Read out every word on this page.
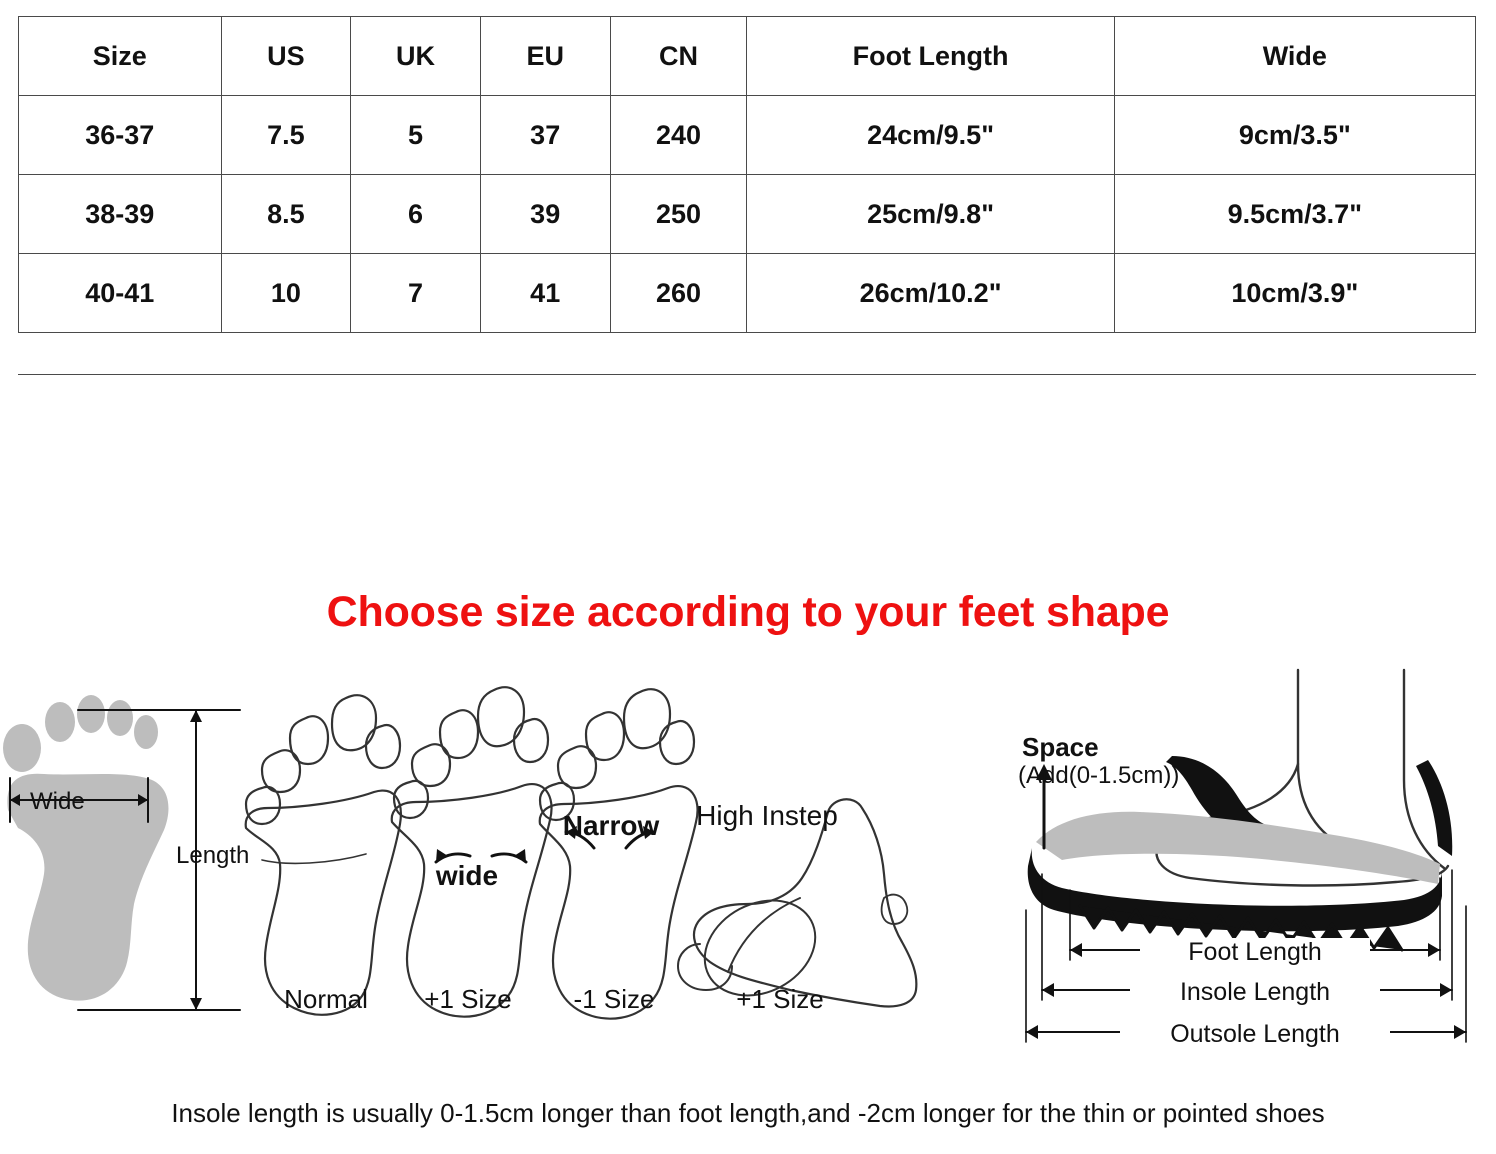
Size	US	UK	EU	CN	Foot Length	Wide
36-37	7.5	5	37	240	24cm/9.5"	9cm/3.5"
38-39	8.5	6	39	250	25cm/9.8"	9.5cm/3.7"
40-41	10	7	41	260	26cm/10.2"	10cm/3.9"
Choose size according to your feet shape
Wide
Length
Normal
wide
+1 Size
Narrow
-1 Size
High Instep
+1 Size
Space
(Add(0-1.5cm))
Foot Length
Insole Length
Outsole Length
Insole length is usually 0-1.5cm longer than foot length,and -2cm longer for the thin or pointed shoes
